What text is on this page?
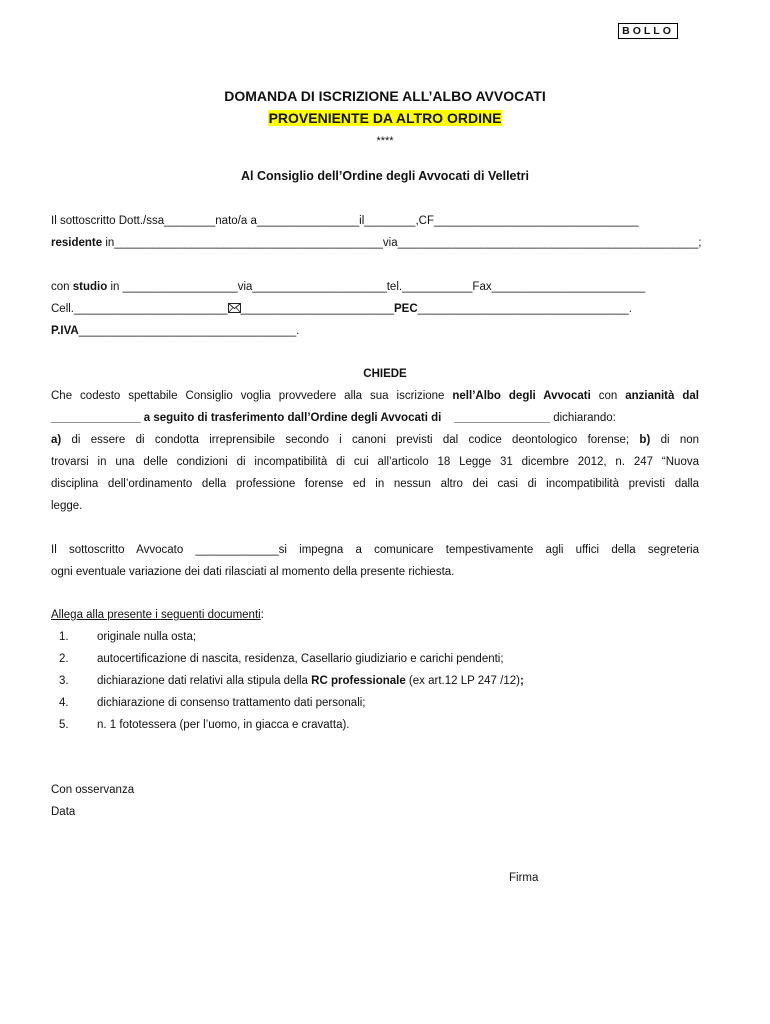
BOLLO
DOMANDA DI ISCRIZIONE ALL’ALBO AVVOCATI
PROVENIENTE DA ALTRO ORDINE
****
Al Consiglio dell’Ordine degli Avvocati di Velletri
Il sottoscritto Dott./ssa________nato/a a________________il________,CF________________________________
residente in__________________________________________via_______________________________________________;
con studio in __________________via_____________________tel.___________Fax________________________
Cell.________________________ ________________________PEC_________________________________.
P.IVA__________________________________.
CHIEDE
Che codesto spettabile Consiglio voglia provvedere alla sua iscrizione nell’Albo degli Avvocati con anzianità dal
______________ a seguito di trasferimento dall’Ordine degli Avvocati di _______________ dichiarando:
a) di essere di condotta irreprensibile secondo i canoni previsti dal codice deontologico forense; b) di non
trovarsi in una delle condizioni di incompatibilità di cui all’articolo 18 Legge 31 dicembre 2012, n. 247 “Nuova
disciplina dell’ordinamento della professione forense ed in nessun altro dei casi di incompatibilità previsti dalla
legge.
Il sottoscritto Avvocato _____________si impegna a comunicare tempestivamente agli uffici della segreteria
ogni eventuale variazione dei dati rilasciati al momento della presente richiesta.
Allega alla presente i seguenti documenti:
1. originale nulla osta;
2. autocertificazione di nascita, residenza, Casellario giudiziario e carichi pendenti;
3. dichiarazione dati relativi alla stipula della RC professionale (ex art.12 LP 247 /12);
4. dichiarazione di consenso trattamento dati personali;
5. n. 1 fototessera (per l’uomo, in giacca e cravatta).
Con osservanza
Data
Firma
